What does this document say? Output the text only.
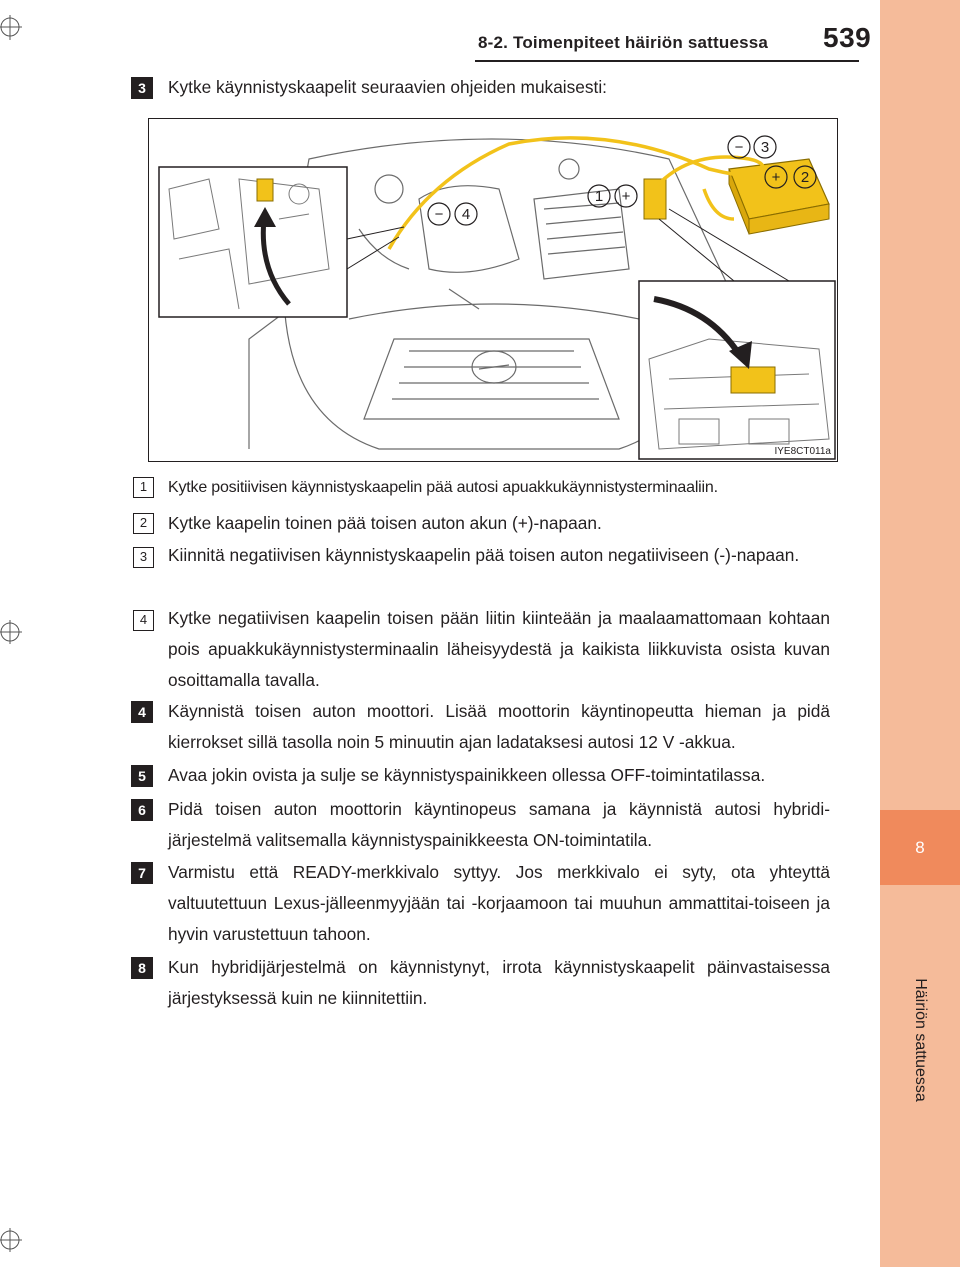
8
Häiriön sattuessa
8-2. Toimenpiteet häiriön sattuessa 539
3	Kytke käynnistyskaapelit seuraavien ohjeiden mukaisesti:
− 3
+ 2
+
1
− 4
IYE8CT011a
1	Kytke positiivisen käynnistyskaapelin pää autosi apuakkukäynnistysterminaaliin.
2	Kytke kaapelin toinen pää toisen auton akun (+)-napaan.
3	Kiinnitä negatiivisen käynnistyskaapelin pää toisen auton negatiiviseen (-)-napaan.
4	Kytke negatiivisen kaapelin toisen pään liitin kiinteään ja maalaamattomaan kohtaan pois apuakkukäynnistysterminaalin läheisyydestä ja kaikista liikkuvista osista kuvan osoittamalla tavalla.
4	Käynnistä toisen auton moottori. Lisää moottorin käyntinopeutta hieman ja pidä kierrokset sillä tasolla noin 5 minuutin ajan ladataksesi autosi 12 V -akkua.
5	Avaa jokin ovista ja sulje se käynnistyspainikkeen ollessa OFF-toimintatilassa.
6	Pidä toisen auton moottorin käyntinopeus samana ja käynnistä autosi hybridi-järjestelmä valitsemalla käynnistyspainikkeesta ON-toimintatila.
7	Varmistu että READY-merkkivalo syttyy. Jos merkkivalo ei syty, ota yhteyttä valtuutettuun Lexus-jälleenmyyjään tai -korjaamoon tai muuhun ammattitai-toiseen ja hyvin varustettuun tahoon.
8	Kun hybridijärjestelmä on käynnistynyt, irrota käynnistyskaapelit päinvastaisessa järjestyksessä kuin ne kiinnitettiin.
